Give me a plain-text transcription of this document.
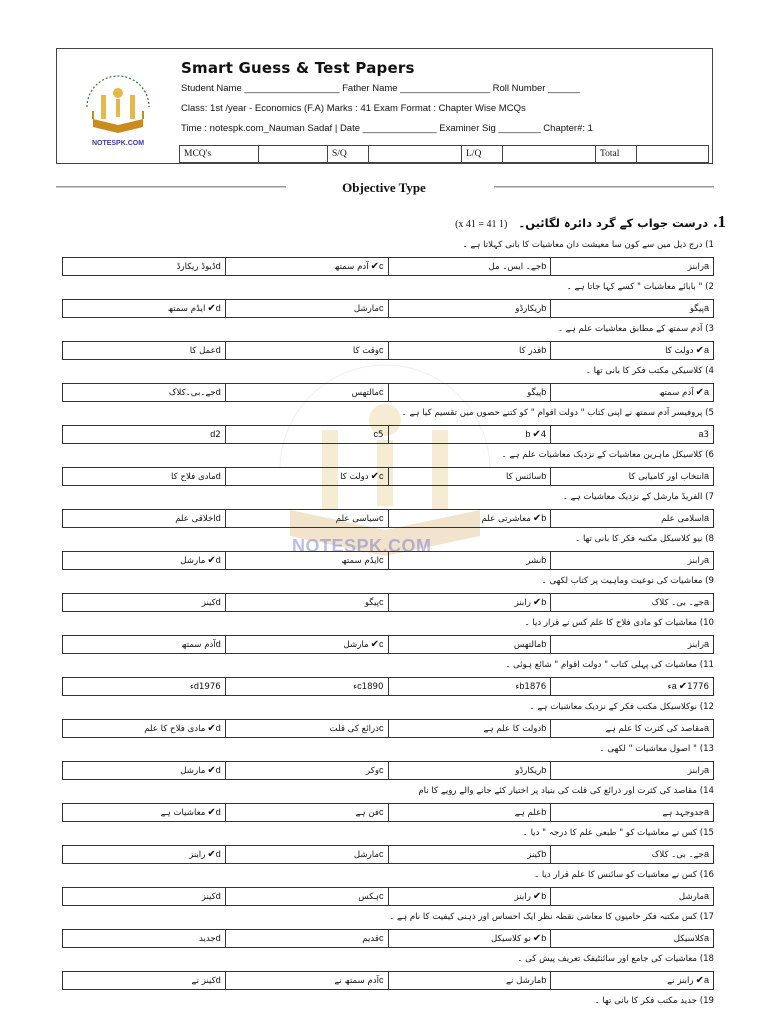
NOTESPK.COM
Smart Guess & Test Papers
Student Name __________________ Father Name _________________ Roll Number ______
Class: 1st /year - Economics (F.A) Marks : 41 Exam Format : Chapter Wise MCQs
Time : notespk.com_Nauman Sadaf | Date ______________ Examiner Sig ________ Chapter#: 1
MCQ's		S/Q		L/Q		Total	
Objective Type
1. درست جواب کے گرد دائرہ لگائیں۔ (1 x 41 = 41)
NOTESPK.COM
1) درج ذیل میں سے کون سا معیشت دان معاشیات کا بانی کہلاتا ہے ۔
aرابنز	bجے۔ ایس۔ مل	c✔آدم سمتھ	dڈیوڈ ریکارڈ
2) " بابائے معاشیات " کسے کہا جاتا ہے ۔
aپیگو	bریکارڈو	cمارشل	d✔ایڈم سمتھ
3) آدم سمتھ کے مطابق معاشیات علم ہے ۔
a✔دولت کا	bقدر کا	cوقت کا	dعمل کا
4) کلاسیکی مکتب فکر کا بانی تھا ۔
a✔آدم سمتھ	bپیگو	cمالتھس	dجے۔بی۔کلاک
5) پروفیسر آدم سمتھ نے اپنی کتاب " دولت اقوام " کو کتنے حصوں میں تقسیم کیا ہے ۔
a3	b ✔4	c5	d2
6) کلاسیکل ماہرین معاشیات کے نزدیک معاشیات علم ہے ۔
aانتخاب اور کامیابی کا	bسائنس کا	c✔دولت کا	dمادی فلاح کا
7) الفریڈ مارشل کے نزدیک معاشیات ہے ۔
aاسلامی علم	b✔معاشرتی علم	cسیاسی علم	dاخلاقی علم
8) نیو کلاسیکل مکتبہ فکر کا بانی تھا ۔
aرابنز	bنشر	cایڈم سمتھ	d✔مارشل
9) معاشیات کی نوعیت وماہیت پر کتاب لکھی ۔
aجے۔ بی۔ کلاک	b✔رابنز	cپیگو	dکینز
10) معاشیات کو مادی فلاح کا علم کس نے قرار دیا ۔
aرابنز	bمالتھس	c✔مارشل	dآدم سمتھ
11) معاشیات کی پہلی کتاب " دولت اقوام " شائع ہوئی ۔
a ✔1776ء	b1876ء	c1890ء	d1976ء
12) نوکلاسیکل مکتب فکر کے نزدیک معاشیات ہے ۔
aمقاصد کی کثرت کا علم ہے	bدولت کا علم ہے	cذرائع کی قلت	d✔مادی فلاح کا علم
13) " اصول معاشیات " لکھی ۔
aرابنز	bریکارڈو	cوکر	d✔مارشل
14) مقاصد کی کثرت اور ذرائع کی قلت کی بنیاد پر اختیار کئے جانے والے رویے کا نام
aجدوجہد ہے	bعلم ہے	cفن ہے	d✔معاشیات ہے
15) کس نے معاشیات کو " طبعی علم کا درجہ " دیا ۔
aجے۔ بی۔ کلاک	bکینز	cمارشل	d✔رابنز
16) کس نے معاشیات کو سائنس کا علم قرار دیا ۔
aمارشل	b✔رابنز	cہکس	dکینز
17) کس مکتبہ فکر حامیوں کا معاشی نقطہ نظر ایک احساس اور ذہنی کیفیت کا نام ہے ۔
aکلاسیکل	b✔نو کلاسیکل	cقدیم	dجدید
18) معاشیات کی جامع اور سائنٹیفک تعریف پیش کی ۔
a✔رابنز نے	bمارشل نے	cآدم سمتھ نے	dکینز نے
19) جدید مکتب فکر کا بانی تھا ۔
